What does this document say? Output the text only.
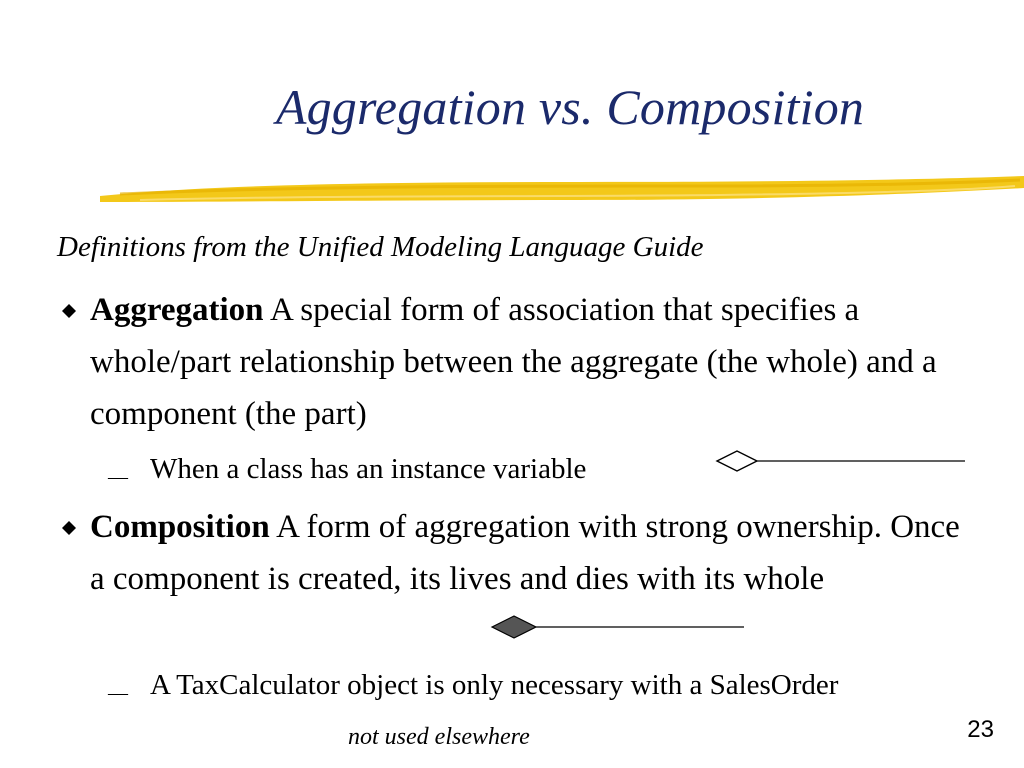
Aggregation vs. Composition
Definitions from the Unified Modeling Language Guide
Aggregation A special form of association that specifies a whole/part relationship between the aggregate (the whole) and a component (the part)
— When a class has an instance variable
Composition A form of aggregation with strong ownership. Once a component is created, its lives and dies with its whole
— A TaxCalculator object is only necessary with a SalesOrder
not used elsewhere	23
